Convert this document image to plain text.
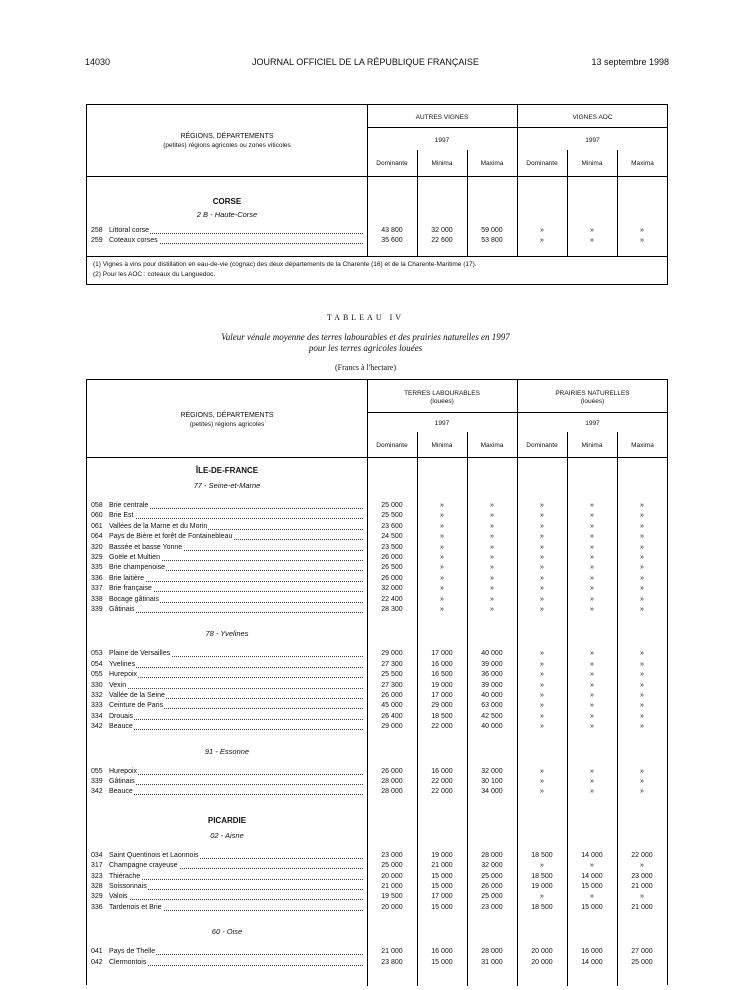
14030	JOURNAL OFFICIEL DE LA RÉPUBLIQUE FRANÇAISE	13 septembre 1998
RÉGIONS, DÉPARTEMENTS
(petites) régions agricoles ou zones viticoles
AUTRES VIGNES	VIGNES AOC
1997	1997
Dominante	Minima	Maxima	Dominante	Minima	Maxima
CORSE
2 B - Haute-Corse
258 Littoral corse	43 800	32 000	59 000	»	»	»
259 Coteaux corses	35 600	22 600	53 800	»	»	»
(1) Vignes à vins pour distillation en eau-de-vie (cognac) des deux départements de la Charente (16) et de la Charente-Maritime (17).
(2) Pour les AOC : coteaux du Languedoc.
TABLEAU IV
Valeur vénale moyenne des terres labourables et des prairies naturelles en 1997
pour les terres agricoles louées
(Francs à l'hectare)
RÉGIONS, DÉPARTEMENTS
(petites) régions agricoles
TERRES LABOURABLES
(louées)
PRAIRIES NATURELLES
(louées)
1997	1997
Dominante	Minima	Maxima	Dominante	Minima	Maxima
ÎLE-DE-FRANCE
77 - Seine-et-Marne
058 Brie centrale	25 000	»	»	»	»	»
060 Brie Est	25 500	»	»	»	»	»
061 Vallées de la Marne et du Morin	23 600	»	»	»	»	»
064 Pays de Bière et forêt de Fontainebleau	24 500	»	»	»	»	»
320 Bassée et basse Yonne	23 500	»	»	»	»	»
329 Goële et Multien	26 000	»	»	»	»	»
335 Brie champenoise	26 500	»	»	»	»	»
336 Brie laitière	26 000	»	»	»	»	»
337 Brie française	32 000	»	»	»	»	»
338 Bocage gâtinais	22 400	»	»	»	»	»
339 Gâtinais	28 300	»	»	»	»	»
78 - Yvelines
053 Plaine de Versailles	29 000	17 000	40 000	»	»	»
054 Yvelines	27 300	16 000	39 000	»	»	»
055 Hurepoix	25 500	16 500	36 000	»	»	»
330 Vexin	27 300	19 000	39 000	»	»	»
332 Vallée de la Seine	26 000	17 000	40 000	»	»	»
333 Ceinture de Paris	45 000	29 000	63 000	»	»	»
334 Drouais	26 400	18 500	42 500	»	»	»
342 Beauce	29 000	22 000	40 000	»	»	»
91 - Essonne
055 Hurepoix	26 000	16 000	32 000	»	»	»
339 Gâtinais	28 000	22 000	30 100	»	»	»
342 Beauce	28 000	22 000	34 000	»	»	»
PICARDIE
02 - Aisne
034 Saint Quentinois et Laonnois	23 000	19 000	28 000	18 500	14 000	22 000
317 Champagne crayeuse	25 000	21 000	32 000	»	»	»
323 Thiérache	20 000	15 000	25 000	18 500	14 000	23 000
328 Soissonnais	21 000	15 000	26 000	19 000	15 000	21 000
329 Valois	19 500	17 000	25 000	»	»	»
336 Tardenois et Brie	20 000	15 000	23 000	18 500	15 000	21 000
60 - Oise
041 Pays de Thelle	21 000	16 000	28 000	20 000	16 000	27 000
042 Clermontois	23 800	15 000	31 000	20 000	14 000	25 000
